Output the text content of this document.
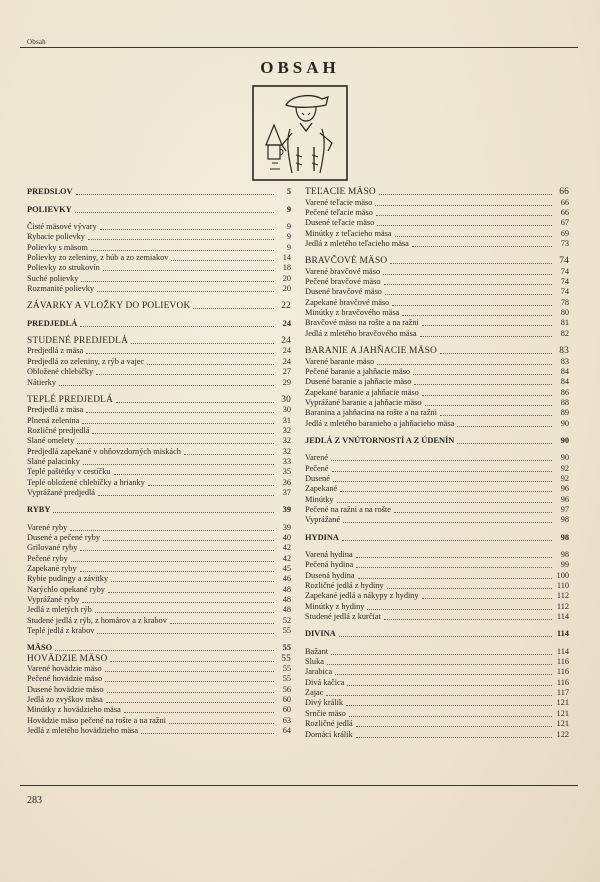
Obsah
OBSAH
PREDSLOV	5
POLIEVKY	9
Čisté mäsové vývary	9
Rybacie polievky	9
Polievky s mäsom	9
Polievky zo zeleniny, z húb a zo zemiakov	14
Polievky zo strukovín	18
Suché polievky	20
Rozmanité polievky	20
ZÁVARKY A VLOŽKY DO POLIEVOK	22
PREDJEDLÁ	24
STUDENÉ PREDJEDLÁ	24
Predjedlá z mäsa	24
Predjedlá zo zeleniny, z rýb a vajec	24
Obložené chlebíčky	27
Nátierky	29
TEPLÉ PREDJEDLÁ	30
Predjedlá z mäsa	30
Plnená zelenina	31
Rozličné predjedlá	32
Slané omelety	32
Predjedlá zapekané v ohňovzdorných miskách	32
Slané palacinky	33
Teplé paštétky v cestíčku	35
Teplé obložené chlebíčky a hrianky	36
Vyprážané predjedlá	37
RYBY	39
Varené ryby	39
Dusené a pečené ryby	40
Grilované ryby	42
Pečené ryby	42
Zapekané ryby	45
Rybie pudingy a závitky	46
Narýchlo opekané ryby	48
Vyprážané ryby	48
Jedlá z mletých rýb	48
Studené jedlá z rýb, z homárov a z krabov	52
Teplé jedlá z krabov	55
MÄSO	55
HOVÄDZIE MÄSO	55
Varené hovädzie mäso	55
Pečené hovädzie mäso	55
Dusené hovädzie mäso	56
Jedlá zo zvyškov mäsa	60
Minútky z hovädzieho mäsa	60
Hovädzie mäso pečené na rošte a na ražni	63
Jedlá z mletého hovädzieho mäsa	64
TEĽACIE MÄSO	66
Varené teľacie mäso	66
Pečené teľacie mäso	66
Dusené teľacie mäso	67
Minútky z teľacieho mäsa	69
Jedlá z mletého teľacieho mäsa	73
BRAVČOVÉ MÄSO	74
Varené bravčové mäso	74
Pečené bravčové mäso	74
Dusené bravčové mäso	74
Zapekané bravčové mäso	78
Minútky z bravčového mäsa	80
Bravčové mäso na rošte a na ražni	81
Jedlá z mletého bravčového mäsa	82
BARANIE A JAHŇACIE MÄSO	83
Varené baranie mäso	83
Pečené baranie a jahňacie mäso	84
Dusené baranie a jahňacie mäso	84
Zapekané baranie a jahňacie mäso	86
Vyprážané baranie a jahňacie mäso	88
Baranina a jahňacina na rošte a na ražni	89
Jedlá z mletého baranieho a jahňacieho mäsa	90
JEDLÁ Z VNÚTORNOSTÍ A Z ÚDENÍN	90
Varené	90
Pečené	92
Dusené	92
Zapekané	96
Minútky	96
Pečené na ražni a na rošte	97
Vyprážané	98
HYDINA	98
Varená hydina	98
Pečená hydina	99
Dusená hydina	100
Rozličné jedlá z hydiny	110
Zapekané jedlá a nákypy z hydiny	112
Minútky z hydiny	112
Studené jedlá z kurčiat	114
DIVINA	114
Bažant	114
Sluka	116
Jarabica	116
Divá kačica	116
Zajac	117
Divý králik	121
Srnčie mäso	121
Rozličné jedlá	121
Domáci králik	122
283
